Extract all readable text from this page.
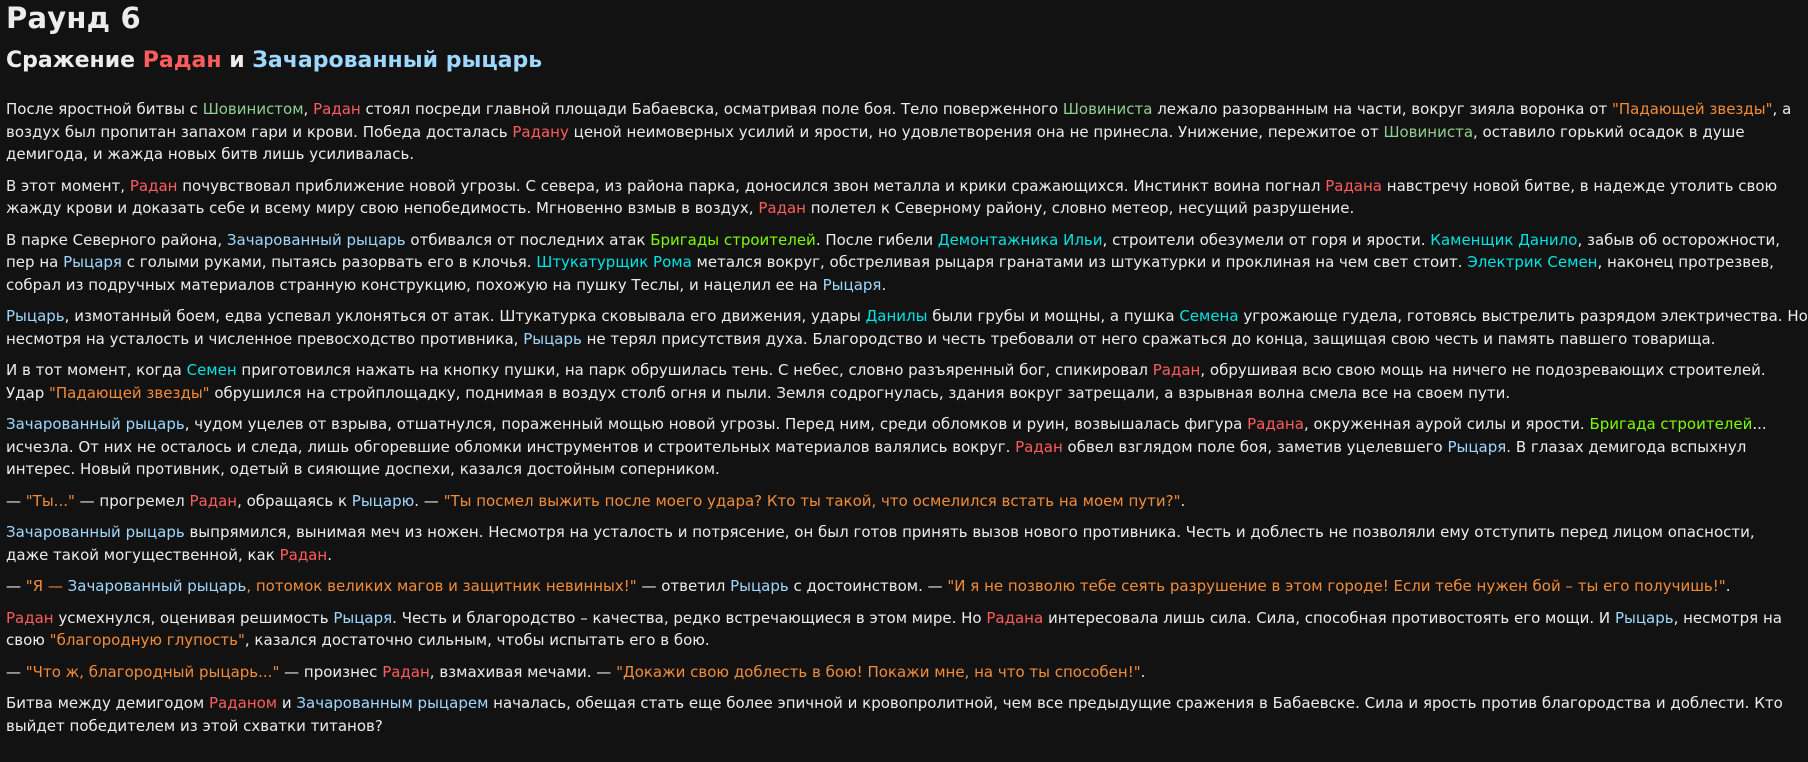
Раунд 6
Сражение Радан и Зачарованный рыцарь

После яростной битвы с Шовинистом, Радан стоял посреди главной площади Бабаевска, осматривая поле боя. Тело поверженного Шовиниста лежало разорванным на части, вокруг зияла воронка от "Падающей звезды", а
воздух был пропитан запахом гари и крови. Победа досталась Радану ценой неимоверных усилий и ярости, но удовлетворения она не принесла. Унижение, пережитое от Шовиниста, оставило горький осадок в душе
демигода, и жажда новых битв лишь усиливалась.

В этот момент, Радан почувствовал приближение новой угрозы. С севера, из района парка, доносился звон металла и крики сражающихся. Инстинкт воина погнал Радана навстречу новой битве, в надежде утолить свою
жажду крови и доказать себе и всему миру свою непобедимость. Мгновенно взмыв в воздух, Радан полетел к Северному району, словно метеор, несущий разрушение.

В парке Северного района, Зачарованный рыцарь отбивался от последних атак Бригады строителей. После гибели Демонтажника Ильи, строители обезумели от горя и ярости. Каменщик Данило, забыв об осторожности,
пер на Рыцаря с голыми руками, пытаясь разорвать его в клочья. Штукатурщик Рома метался вокруг, обстреливая рыцаря гранатами из штукатурки и проклиная на чем свет стоит. Электрик Семен, наконец протрезвев,
собрал из подручных материалов странную конструкцию, похожую на пушку Теслы, и нацелил ее на Рыцаря.

Рыцарь, измотанный боем, едва успевал уклоняться от атак. Штукатурка сковывала его движения, удары Данилы были грубы и мощны, а пушка Семена угрожающе гудела, готовясь выстрелить разрядом электричества. Но
несмотря на усталость и численное превосходство противника, Рыцарь не терял присутствия духа. Благородство и честь требовали от него сражаться до конца, защищая свою честь и память павшего товарища.

И в тот момент, когда Семен приготовился нажать на кнопку пушки, на парк обрушилась тень. С небес, словно разъяренный бог, спикировал Радан, обрушивая всю свою мощь на ничего не подозревающих строителей.
Удар "Падающей звезды" обрушился на стройплощадку, поднимая в воздух столб огня и пыли. Земля содрогнулась, здания вокруг затрещали, а взрывная волна смела все на своем пути.

Зачарованный рыцарь, чудом уцелев от взрыва, отшатнулся, пораженный мощью новой угрозы. Перед ним, среди обломков и руин, возвышалась фигура Радана, окруженная аурой силы и ярости. Бригада строителей...
исчезла. От них не осталось и следа, лишь обгоревшие обломки инструментов и строительных материалов валялись вокруг. Радан обвел взглядом поле боя, заметив уцелевшего Рыцаря. В глазах демигода вспыхнул
интерес. Новый противник, одетый в сияющие доспехи, казался достойным соперником.

— "Ты..." — прогремел Радан, обращаясь к Рыцарю. — "Ты посмел выжить после моего удара? Кто ты такой, что осмелился встать на моем пути?".

Зачарованный рыцарь выпрямился, вынимая меч из ножен. Несмотря на усталость и потрясение, он был готов принять вызов нового противника. Честь и доблесть не позволяли ему отступить перед лицом опасности,
даже такой могущественной, как Радан.

— "Я — Зачарованный рыцарь, потомок великих магов и защитник невинных!" — ответил Рыцарь с достоинством. — "И я не позволю тебе сеять разрушение в этом городе! Если тебе нужен бой – ты его получишь!".

Радан усмехнулся, оценивая решимость Рыцаря. Честь и благородство – качества, редко встречающиеся в этом мире. Но Радана интересовала лишь сила. Сила, способная противостоять его мощи. И Рыцарь, несмотря на
свою "благородную глупость", казался достаточно сильным, чтобы испытать его в бою.

— "Что ж, благородный рыцарь..." — произнес Радан, взмахивая мечами. — "Докажи свою доблесть в бою! Покажи мне, на что ты способен!".

Битва между демигодом Раданом и Зачарованным рыцарем началась, обещая стать еще более эпичной и кровопролитной, чем все предыдущие сражения в Бабаевске. Сила и ярость против благородства и доблести. Кто
выйдет победителем из этой схватки титанов?
